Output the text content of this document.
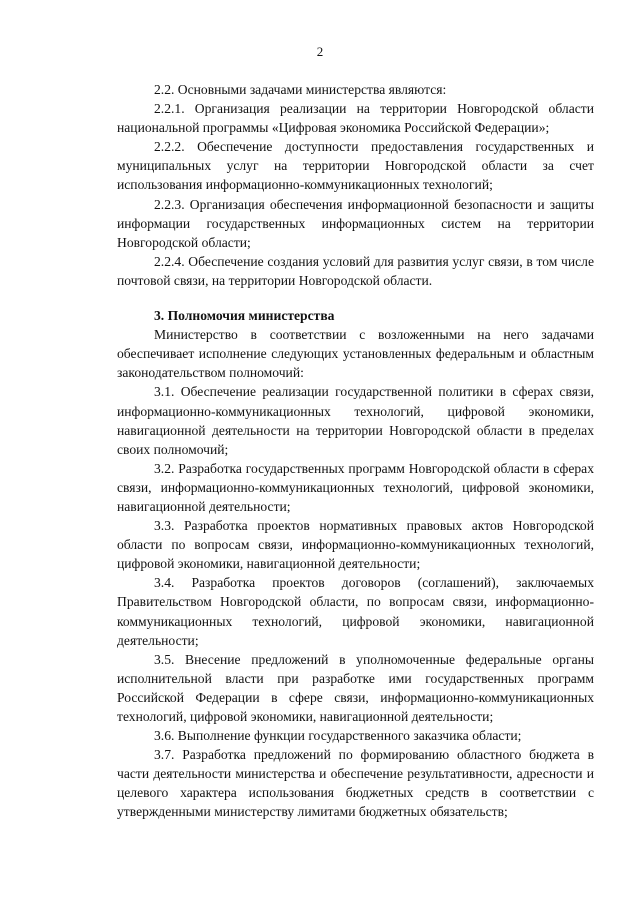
2

2.2. Основными задачами министерства являются:

2.2.1. Организация реализации на территории Новгородской области национальной программы «Цифровая экономика Российской Федерации»;

2.2.2. Обеспечение доступности предоставления государственных и муниципальных услуг на территории Новгородской области за счет использования информационно-коммуникационных технологий;

2.2.3. Организация обеспечения информационной безопасности и защиты информации государственных информационных систем на территории Новгородской области;

2.2.4. Обеспечение создания условий для развития услуг связи, в том числе почтовой связи, на территории Новгородской области.

3. Полномочия министерства

Министерство в соответствии с возложенными на него задачами обеспечивает исполнение следующих установленных федеральным и областным законодательством полномочий:

3.1. Обеспечение реализации государственной политики в сферах связи, информационно-коммуникационных технологий, цифровой экономики, навигационной деятельности на территории Новгородской области в пределах своих полномочий;

3.2. Разработка государственных программ Новгородской области в сферах связи, информационно-коммуникационных технологий, цифровой экономики, навигационной деятельности;

3.3. Разработка проектов нормативных правовых актов Новгородской области по вопросам связи, информационно-коммуникационных технологий, цифровой экономики, навигационной деятельности;

3.4. Разработка проектов договоров (соглашений), заключаемых Правительством Новгородской области, по вопросам связи, информационно-коммуникационных технологий, цифровой экономики, навигационной деятельности;

3.5. Внесение предложений в уполномоченные федеральные органы исполнительной власти при разработке ими государственных программ Российской Федерации в сфере связи, информационно-коммуникационных технологий, цифровой экономики, навигационной деятельности;

3.6. Выполнение функции государственного заказчика области;

3.7. Разработка предложений по формированию областного бюджета в части деятельности министерства и обеспечение результативности, адресности и целевого характера использования бюджетных средств в соответствии с утвержденными министерству лимитами бюджетных обязательств;
